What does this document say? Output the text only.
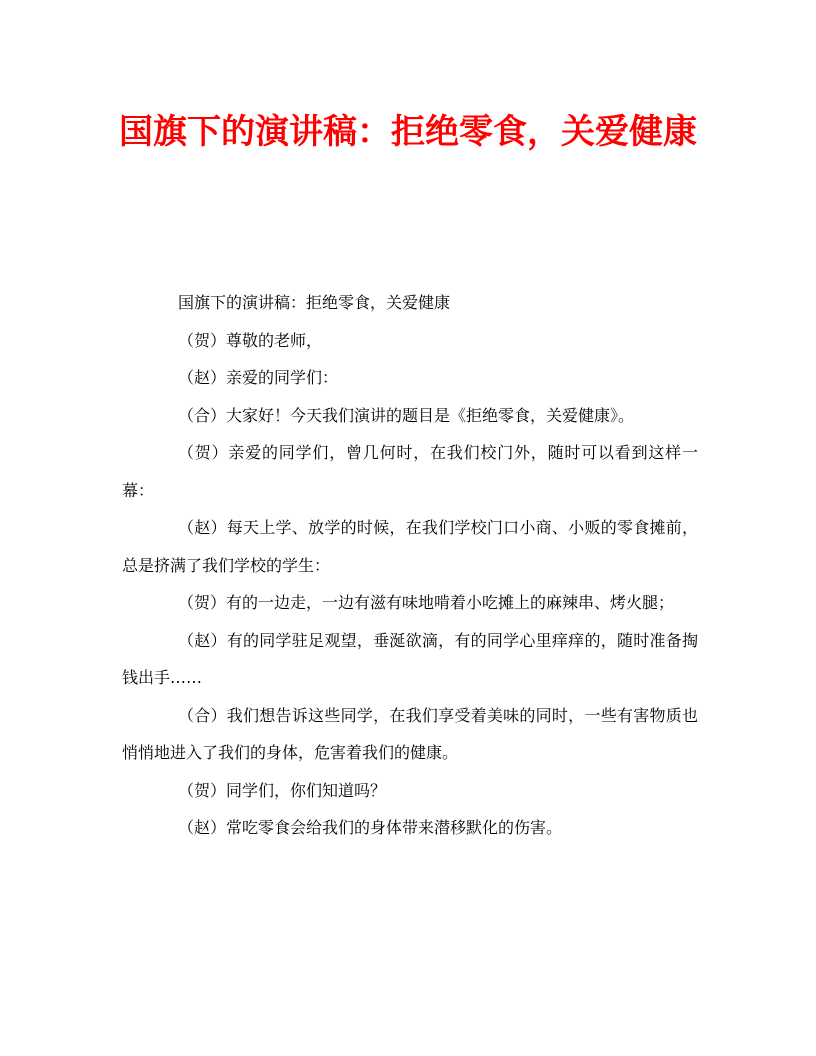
国旗下的演讲稿：拒绝零食，关爱健康

国旗下的演讲稿：拒绝零食，关爱健康

（贺）尊敬的老师，

（赵）亲爱的同学们：

（合）大家好！今天我们演讲的题目是《拒绝零食，关爱健康》。

（贺）亲爱的同学们，曾几何时，在我们校门外，随时可以看到这样一幕：

（赵）每天上学、放学的时候，在我们学校门口小商、小贩的零食摊前，总是挤满了我们学校的学生：

（贺）有的一边走，一边有滋有味地啃着小吃摊上的麻辣串、烤火腿；

（赵）有的同学驻足观望，垂涎欲滴，有的同学心里痒痒的，随时准备掏钱出手……

（合）我们想告诉这些同学，在我们享受着美味的同时，一些有害物质也悄悄地进入了我们的身体，危害着我们的健康。

（贺）同学们，你们知道吗？

（赵）常吃零食会给我们的身体带来潜移默化的伤害。
